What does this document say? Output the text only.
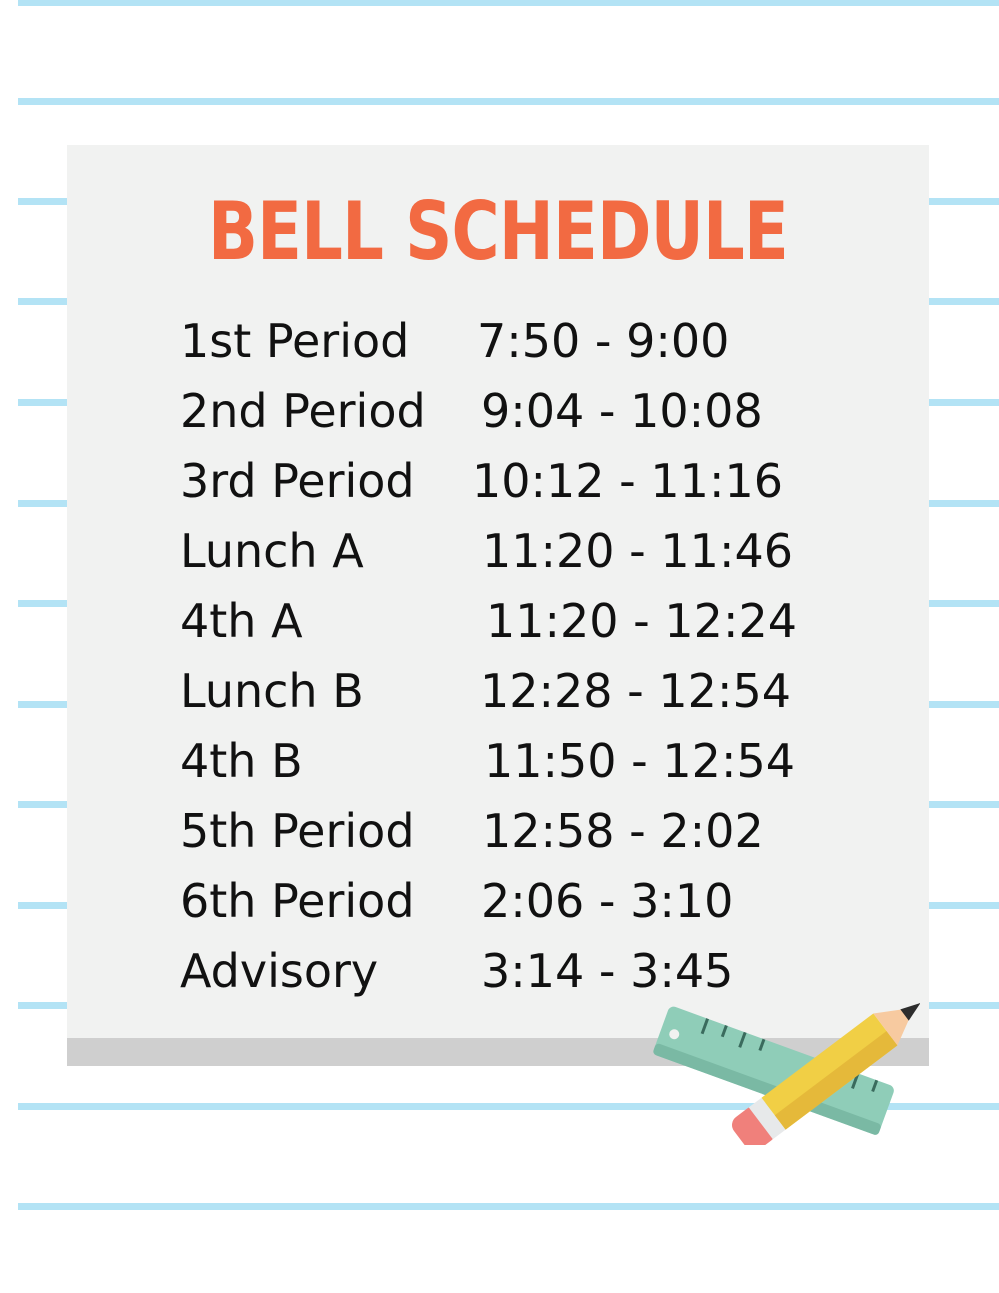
BELL SCHEDULE
1st Period 7:50 - 9:00
2nd Period 9:04 - 10:08
3rd Period 10:12 - 11:16
Lunch A	11:20 - 11:46
4th A	11:20 - 12:24
Lunch B	12:28 - 12:54
4th B	11:50 - 12:54
5th Period 12:58 - 2:02
6th Period 2:06 - 3:10
Advisory 3:14 - 3:45
